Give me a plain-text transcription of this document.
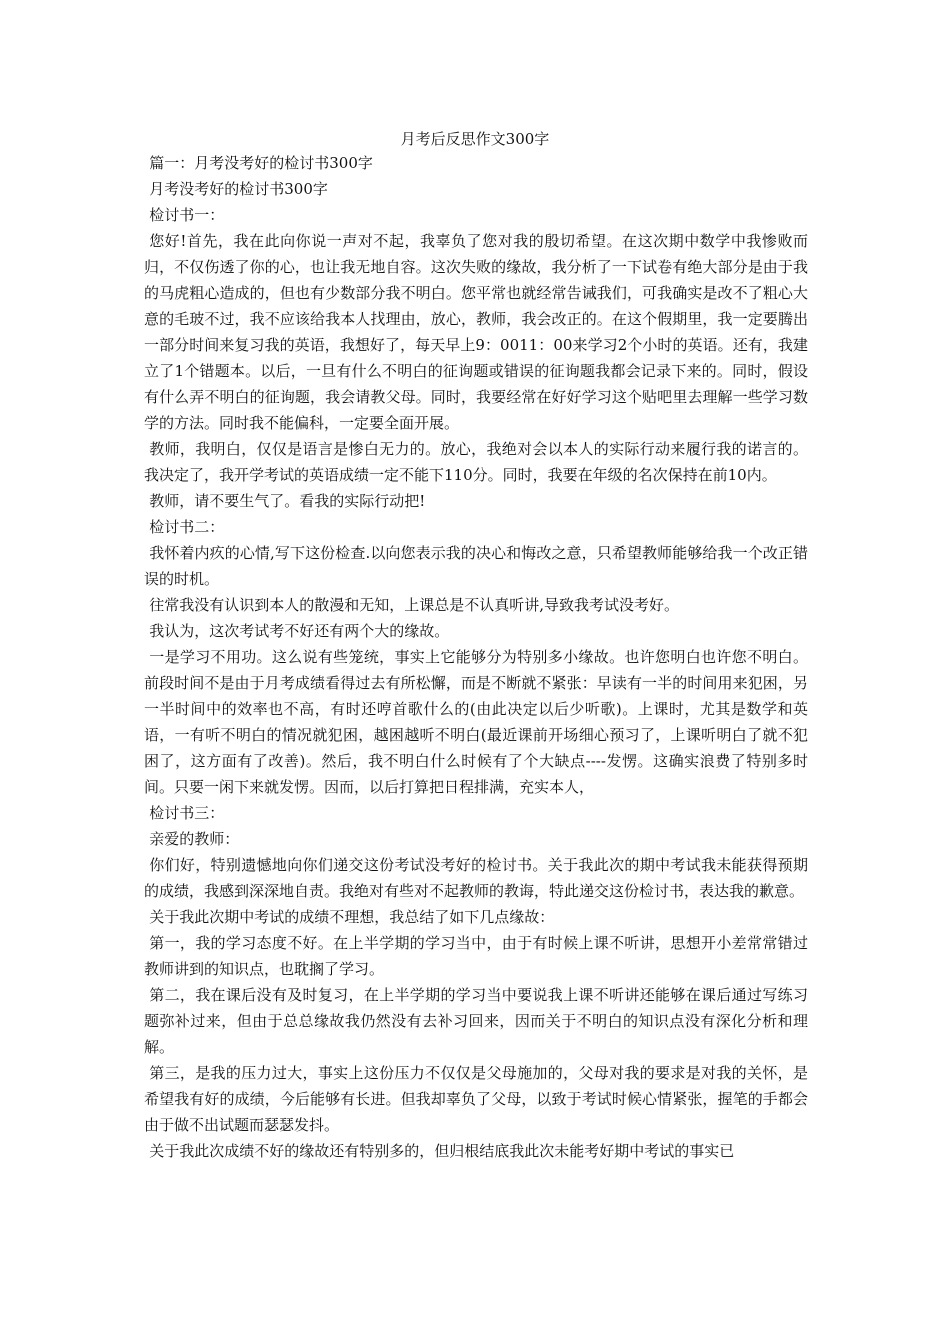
月考后反思作文300字

篇一：月考没考好的检讨书300字

月考没考好的检讨书300字

检讨书一：

您好!首先，我在此向你说一声对不起，我辜负了您对我的殷切希望。在这次期中数学中我惨败而归，不仅伤透了你的心，也让我无地自容。这次失败的缘故，我分析了一下试卷有绝大部分是由于我的马虎粗心造成的，但也有少数部分我不明白。您平常也就经常告诫我们，可我确实是改不了粗心大意的毛玻不过，我不应该给我本人找理由，放心，教师，我会改正的。在这个假期里，我一定要腾出一部分时间来复习我的英语，我想好了，每天早上9：0011：00来学习2个小时的英语。还有，我建立了1个错题本。以后，一旦有什么不明白的征询题或错误的征询题我都会记录下来的。同时，假设有什么弄不明白的征询题，我会请教父母。同时，我要经常在好好学习这个贴吧里去理解一些学习数学的方法。同时我不能偏科，一定要全面开展。

教师，我明白，仅仅是语言是惨白无力的。放心，我绝对会以本人的实际行动来履行我的诺言的。我决定了，我开学考试的英语成绩一定不能下110分。同时，我要在年级的名次保持在前10内。

教师，请不要生气了。看我的实际行动把!

检讨书二：

我怀着内疚的心情,写下这份检查.以向您表示我的决心和悔改之意，只希望教师能够给我一个改正错误的时机。

往常我没有认识到本人的散漫和无知，上课总是不认真听讲,导致我考试没考好。

我认为，这次考试考不好还有两个大的缘故。

一是学习不用功。这么说有些笼统，事实上它能够分为特别多小缘故。也许您明白也许您不明白。前段时间不是由于月考成绩看得过去有所松懈，而是不断就不紧张：早读有一半的时间用来犯困，另一半时间中的效率也不高，有时还哼首歌什么的(由此决定以后少听歌)。上课时，尤其是数学和英语，一有听不明白的情况就犯困，越困越听不明白(最近课前开场细心预习了，上课听明白了就不犯困了，这方面有了改善)。然后，我不明白什么时候有了个大缺点----发愣。这确实浪费了特别多时间。只要一闲下来就发愣。因而，以后打算把日程排满，充实本人，

检讨书三：

亲爱的教师：

你们好，特别遗憾地向你们递交这份考试没考好的检讨书。关于我此次的期中考试我未能获得预期的成绩，我感到深深地自责。我绝对有些对不起教师的教诲，特此递交这份检讨书，表达我的歉意。

关于我此次期中考试的成绩不理想，我总结了如下几点缘故：

第一，我的学习态度不好。在上半学期的学习当中，由于有时候上课不听讲，思想开小差常常错过教师讲到的知识点，也耽搁了学习。

第二，我在课后没有及时复习，在上半学期的学习当中要说我上课不听讲还能够在课后通过写练习题弥补过来，但由于总总缘故我仍然没有去补习回来，因而关于不明白的知识点没有深化分析和理解。

第三，是我的压力过大，事实上这份压力不仅仅是父母施加的，父母对我的要求是对我的关怀，是希望我有好的成绩，今后能够有长进。但我却辜负了父母，以致于考试时候心情紧张，握笔的手都会由于做不出试题而瑟瑟发抖。

关于我此次成绩不好的缘故还有特别多的，但归根结底我此次未能考好期中考试的事实已
